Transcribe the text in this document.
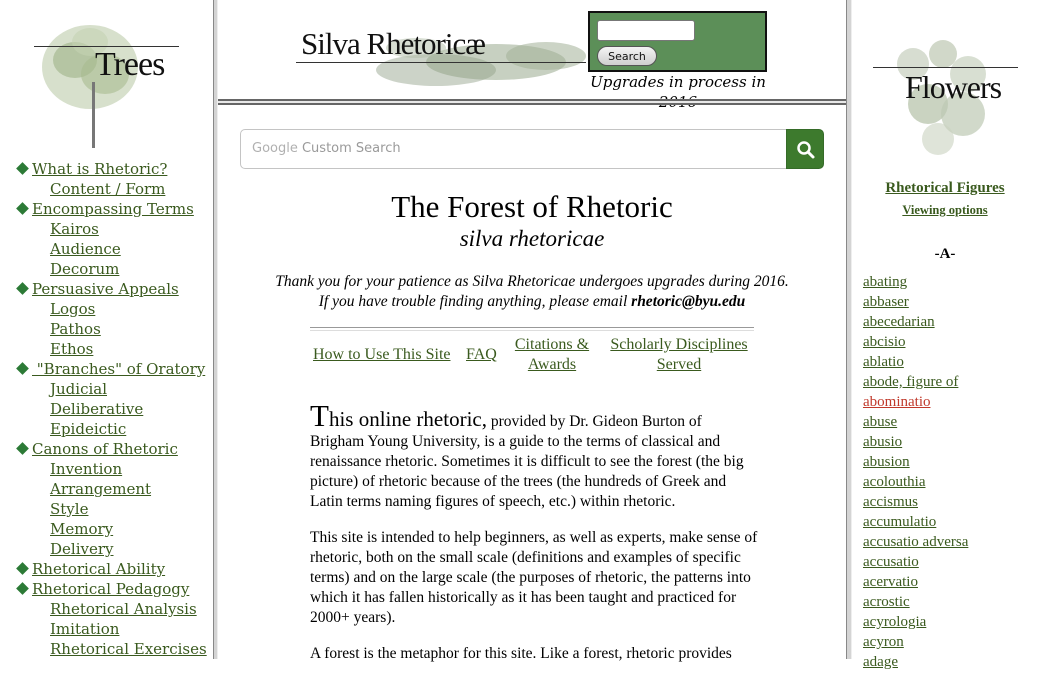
Trees
What is Rhetoric?
Content / Form
Encompassing Terms
Kairos
Audience
Decorum
Persuasive Appeals
Logos
Pathos
Ethos
"Branches" of Oratory
Judicial
Deliberative
Epideictic
Canons of Rhetoric
Invention
Arrangement
Style
Memory
Delivery
Rhetorical Ability
Rhetorical Pedagogy
Rhetorical Analysis
Imitation
Rhetorical Exercises
Silva Rhetoricæ	Search
Upgrades in process in
Google Custom Search
The Forest of Rhetoric
silva rhetoricae
Thank you for your patience as Silva Rhetoricae undergoes upgrades during 2016.
If you have trouble finding anything, please email rhetoric@byu.edu
How to Use This Site FAQ
Citations &
Awards
Scholarly Disciplines
Served

This online rhetoric, provided by Dr. Gideon Burton of Brigham Young University, is a guide to the terms of classical and renaissance rhetoric. Sometimes it is difficult to see the forest (the big picture) of rhetoric because of the trees (the hundreds of Greek and Latin terms naming figures of speech, etc.) within rhetoric.

This site is intended to help beginners, as well as experts, make sense of rhetoric, both on the small scale (definitions and examples of specific terms) and on the large scale (the purposes of rhetoric, the patterns into which it has fallen historically as it has been taught and practiced for 2000+ years).

A forest is the metaphor for this site. Like a forest, rhetoric provides

Flowers
Rhetorical Figures
Viewing options
-A-
abating
abbaser
abecedarian
abcisio
ablatio
abode, figure of
abominatio
abuse
abusio
abusion
acolouthia
accismus
accumulatio
accusatio adversa
accusatio
acervatio
acrostic
acyrologia
acyron
adage
